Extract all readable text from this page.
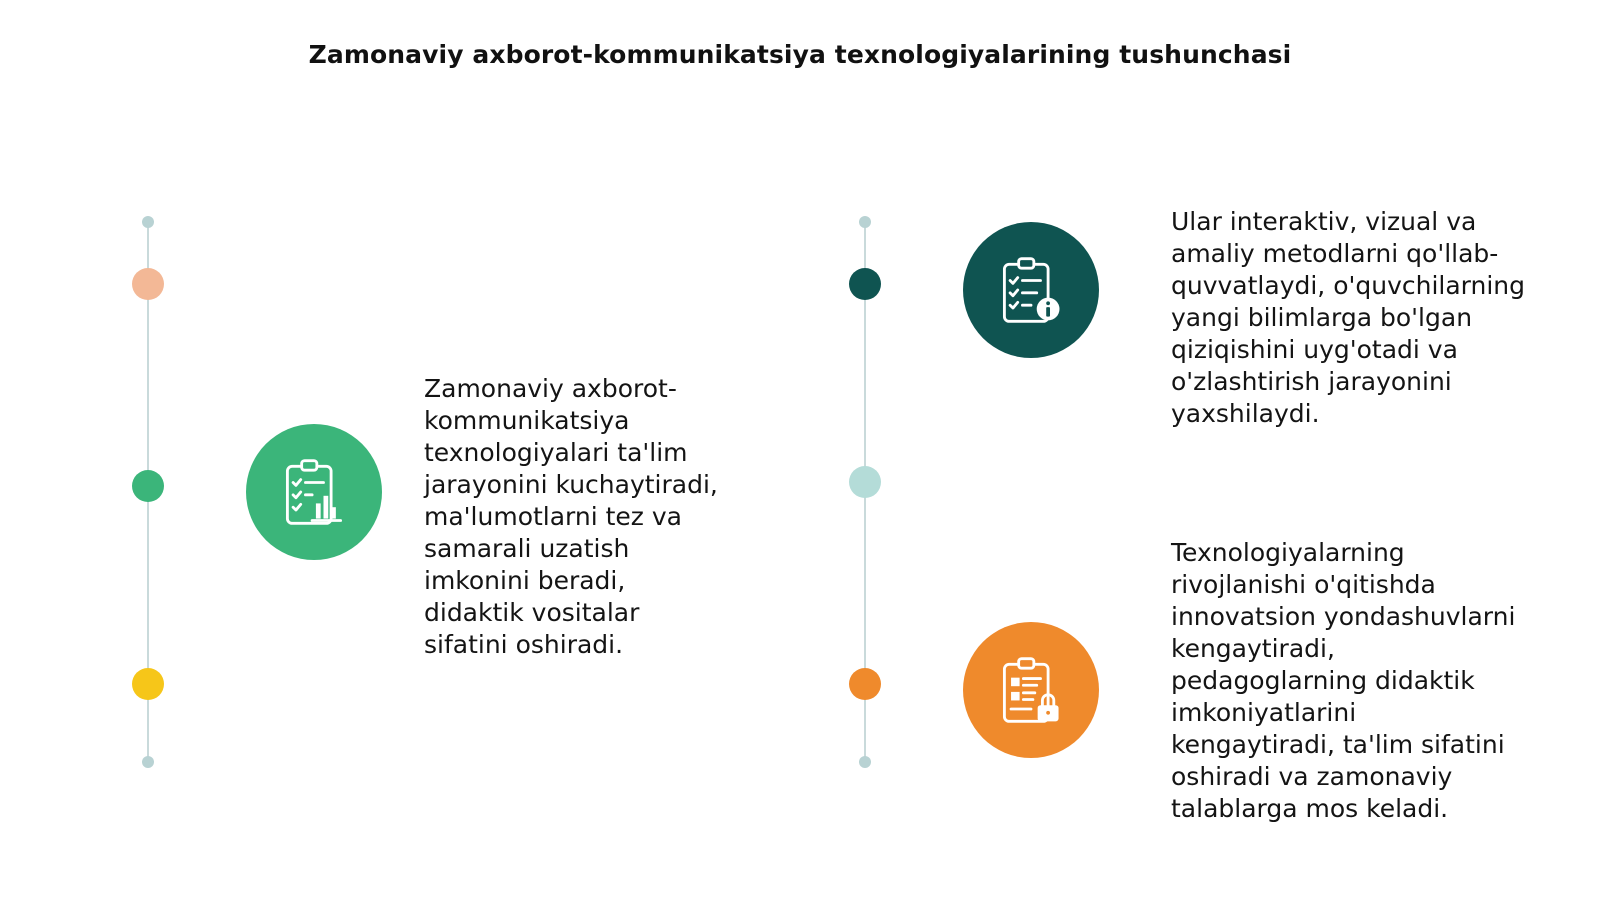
Zamonaviy axborot-kommunikatsiya texnologiyalarining tushunchasi
Zamonaviy axborot-
kommunikatsiya
texnologiyalari ta'lim
jarayonini kuchaytiradi,
ma'lumotlarni tez va
samarali uzatish
imkonini beradi,
didaktik vositalar
sifatini oshiradi.
Ular interaktiv, vizual va
amaliy metodlarni qo'llab-
quvvatlaydi, o'quvchilarning
yangi bilimlarga bo'lgan
qiziqishini uyg'otadi va
o'zlashtirish jarayonini
yaxshilaydi.
Texnologiyalarning
rivojlanishi o'qitishda
innovatsion yondashuvlarni
kengaytiradi,
pedagoglarning didaktik
imkoniyatlarini
kengaytiradi, ta'lim sifatini
oshiradi va zamonaviy
talablarga mos keladi.
